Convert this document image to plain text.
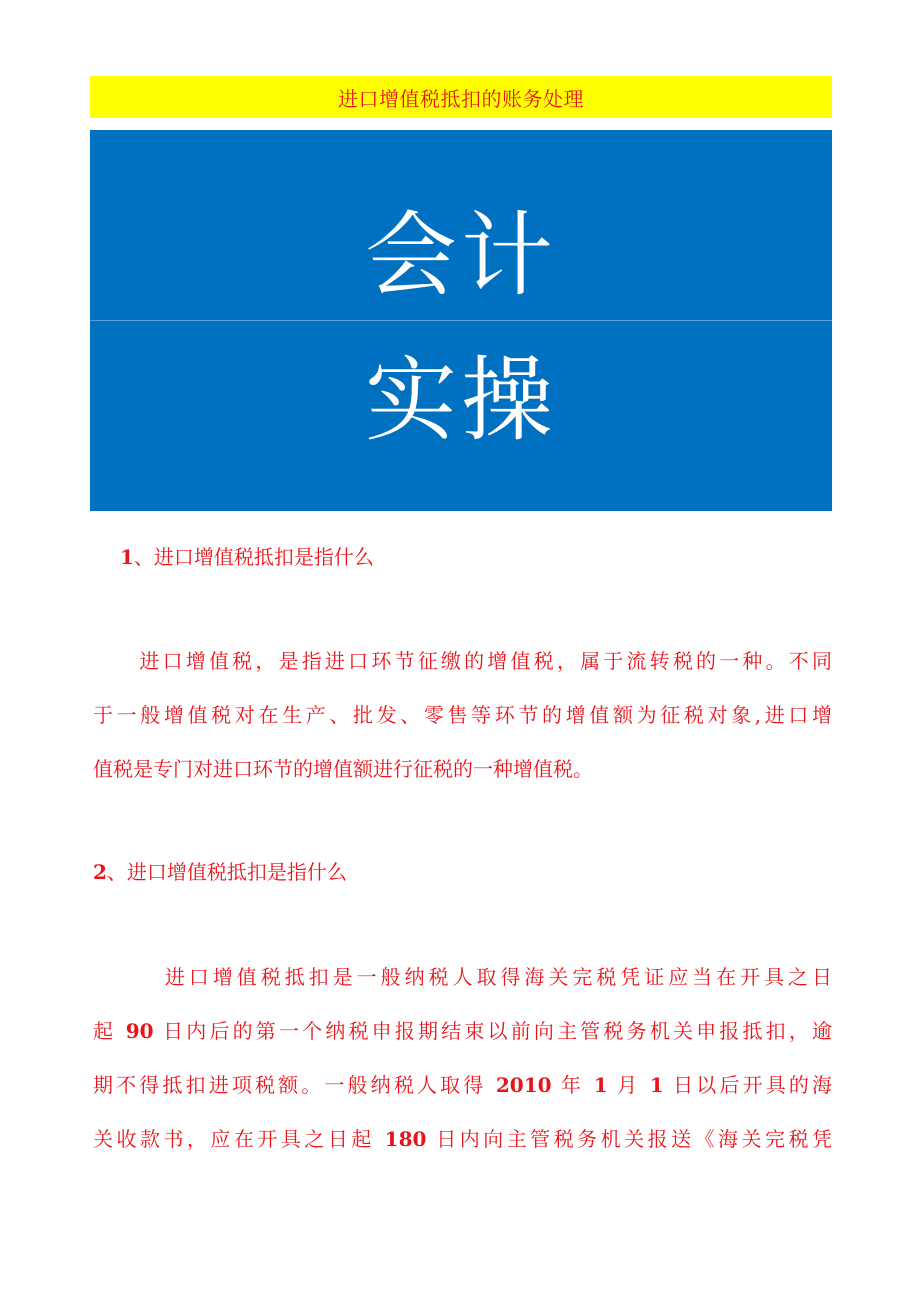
进口增值税抵扣的账务处理
会计
实操
1、进口增值税抵扣是指什么
　　进口增值税，是指进口环节征缴的增值税，属于流转税的一种。不同
于一般增值税对在生产、批发、零售等环节的增值额为征税对象,进口增
值税是专门对进口环节的增值额进行征税的一种增值税。
2、进口增值税抵扣是指什么
　　　进口增值税抵扣是一般纳税人取得海关完税凭证应当在开具之日
起 90 日内后的第一个纳税申报期结束以前向主管税务机关申报抵扣，逾
期不得抵扣进项税额。一般纳税人取得 2010 年 1 月 1 日以后开具的海
关收款书，应在开具之日起 180 日内向主管税务机关报送《海关完税凭
